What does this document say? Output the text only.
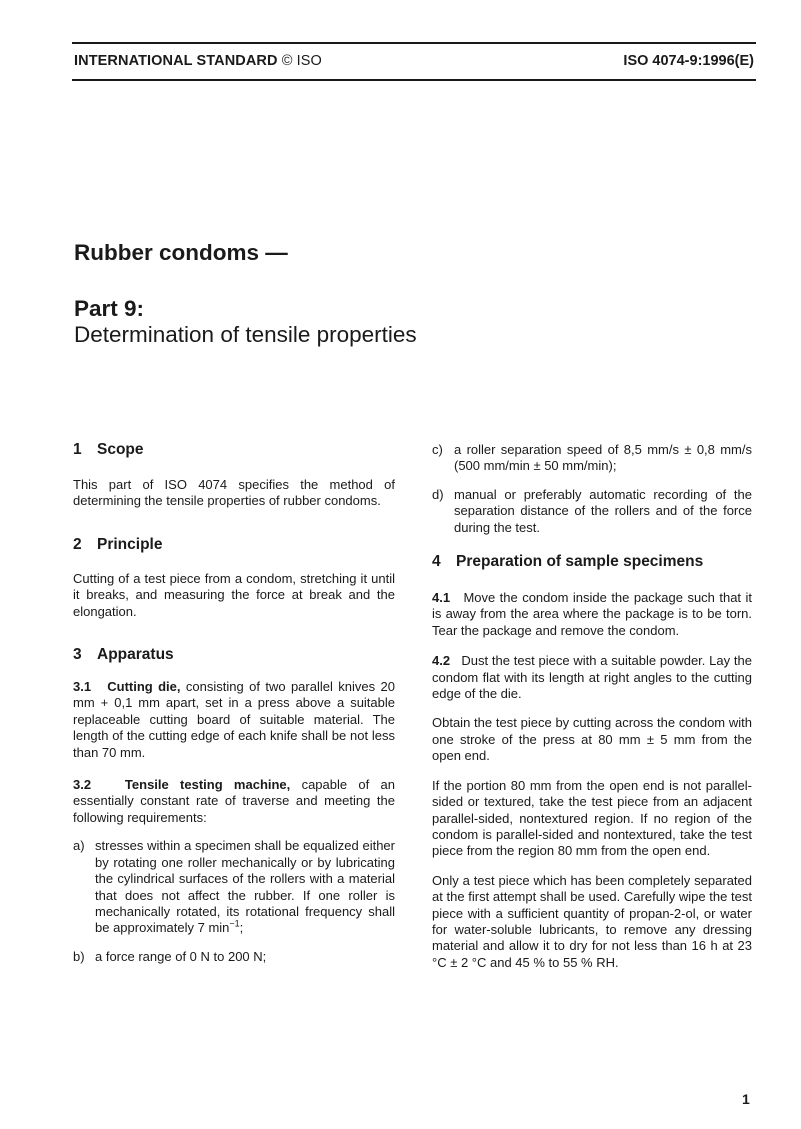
INTERNATIONAL STANDARD © ISO	ISO 4074-9:1996(E)
Rubber condoms —
Part 9:
Determination of tensile properties
1 Scope

This part of ISO 4074 specifies the method of determining the tensile properties of rubber condoms.

2 Principle

Cutting of a test piece from a condom, stretching it until it breaks, and measuring the force at break and the elongation.

3 Apparatus

3.1 Cutting die, consisting of two parallel knives 20 mm + 0,1 mm apart, set in a press above a suitable replaceable cutting board of suitable material. The length of the cutting edge of each knife shall be not less than 70 mm.

3.2	Tensile testing machine, capable of an essentially constant rate of traverse and meeting the following requirements:

a) stresses within a specimen shall be equalized either by rotating one roller mechanically or by lubricating the cylindrical surfaces of the rollers with a material that does not affect the rubber. If one roller is mechanically rotated, its rotational frequency shall be approximately 7 $\min^{-1}$;
b) a force range of 0 N to 200 N;
c) a roller separation speed of 8,5 mm/s ± 0,8 mm/s (500 mm/min ± 50 mm/min);
d) manual or preferably automatic recording of the separation distance of the rollers and of the force during the test.
4 Preparation of sample specimens

4.1 Move the condom inside the package such that it is away from the area where the package is to be torn. Tear the package and remove the condom.

4.2 Dust the test piece with a suitable powder. Lay the condom flat with its length at right angles to the cutting edge of the die.

Obtain the test piece by cutting across the condom with one stroke of the press at 80 mm ± 5 mm from the open end.

If the portion 80 mm from the open end is not parallel-sided or textured, take the test piece from an adjacent parallel-sided, nontextured region. If no region of the condom is parallel-sided and nontextured, take the test piece from the region 80 mm from the open end.

Only a test piece which has been completely separated at the first attempt shall be used. Carefully wipe the test piece with a sufficient quantity of propan-2-ol, or water for water-soluble lubricants, to remove any dressing material and allow it to dry for not less than 16 h at 23 °C ± 2 °C and 45 % to 55 % RH.

1
